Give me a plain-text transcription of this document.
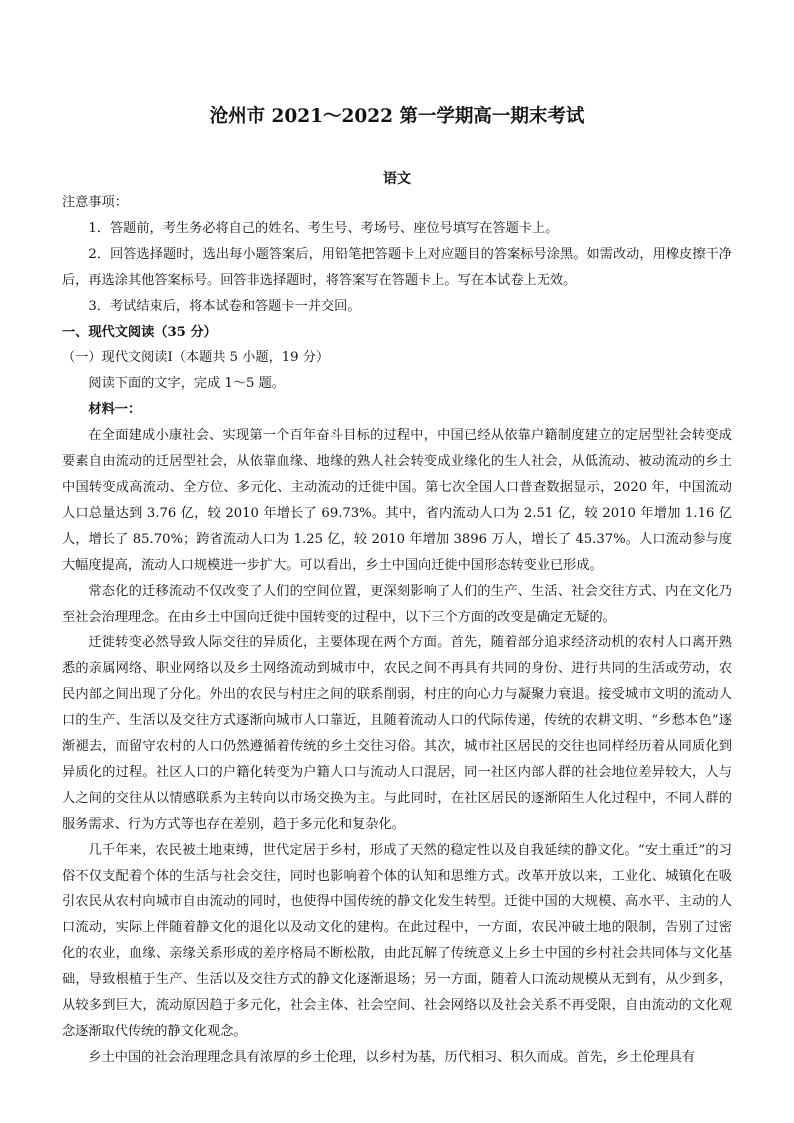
沧州市 2021～2022 第一学期高一期末考试
语文

注意事项：

1．答题前，考生务必将自己的姓名、考生号、考场号、座位号填写在答题卡上。

2．回答选择题时，选出每小题答案后，用铅笔把答题卡上对应题目的答案标号涂黑。如需改动，用橡皮擦干净后，再选涂其他答案标号。回答非选择题时，将答案写在答题卡上。写在本试卷上无效。

3．考试结束后，将本试卷和答题卡一并交回。

一、现代文阅读（35 分）

（一）现代文阅读Ⅰ（本题共 5 小题，19 分）

阅读下面的文字，完成 1～5 题。

材料一：

在全面建成小康社会、实现第一个百年奋斗目标的过程中，中国已经从依靠户籍制度建立的定居型社会转变成要素自由流动的迁居型社会，从依靠血缘、地缘的熟人社会转变成业缘化的生人社会，从低流动、被动流动的乡土中国转变成高流动、全方位、多元化、主动流动的迁徙中国。第七次全国人口普查数据显示，2020 年，中国流动人口总量达到 3.76 亿，较 2010 年增长了 69.73%。其中，省内流动人口为 2.51 亿，较 2010 年增加 1.16 亿人，增长了 85.70%；跨省流动人口为 1.25 亿，较 2010 年增加 3896 万人，增长了 45.37%。人口流动参与度大幅度提高，流动人口规模进一步扩大。可以看出，乡土中国向迁徙中国形态转变业已形成。

常态化的迁移流动不仅改变了人们的空间位置，更深刻影响了人们的生产、生活、社会交往方式、内在文化乃至社会治理理念。在由乡土中国向迁徙中国转变的过程中，以下三个方面的改变是确定无疑的。

迁徙转变必然导致人际交往的异质化，主要体现在两个方面。首先，随着部分追求经济动机的农村人口离开熟悉的亲属网络、职业网络以及乡土网络流动到城市中，农民之间不再具有共同的身份、进行共同的生活或劳动，农民内部之间出现了分化。外出的农民与村庄之间的联系削弱，村庄的向心力与凝聚力衰退。接受城市文明的流动人口的生产、生活以及交往方式逐渐向城市人口靠近，且随着流动人口的代际传递，传统的农耕文明、“乡愁本色”逐渐褪去，而留守农村的人口仍然遵循着传统的乡土交往习俗。其次，城市社区居民的交往也同样经历着从同质化到异质化的过程。社区人口的户籍化转变为户籍人口与流动人口混居，同一社区内部人群的社会地位差异较大，人与人之间的交往从以情感联系为主转向以市场交换为主。与此同时，在社区居民的逐渐陌生人化过程中，不同人群的服务需求、行为方式等也存在差别，趋于多元化和复杂化。

几千年来，农民被土地束缚，世代定居于乡村，形成了天然的稳定性以及自我延续的静文化。“安土重迁”的习俗不仅支配着个体的生活与社会交往，同时也影响着个体的认知和思维方式。改革开放以来，工业化、城镇化在吸引农民从农村向城市自由流动的同时，也使得中国传统的静文化发生转型。迁徙中国的大规模、高水平、主动的人口流动，实际上伴随着静文化的退化以及动文化的建构。在此过程中，一方面，农民冲破土地的限制，告别了过密化的农业，血缘、亲缘关系形成的差序格局不断松散，由此瓦解了传统意义上乡土中国的乡村社会共同体与文化基础，导致根植于生产、生活以及交往方式的静文化逐渐退场；另一方面，随着人口流动规模从无到有，从少到多，从较多到巨大，流动原因趋于多元化，社会主体、社会空间、社会网络以及社会关系不再受限，自由流动的文化观念逐渐取代传统的静文化观念。

乡土中国的社会治理理念具有浓厚的乡土伦理，以乡村为基，历代相习、积久而成。首先，乡土伦理具有
